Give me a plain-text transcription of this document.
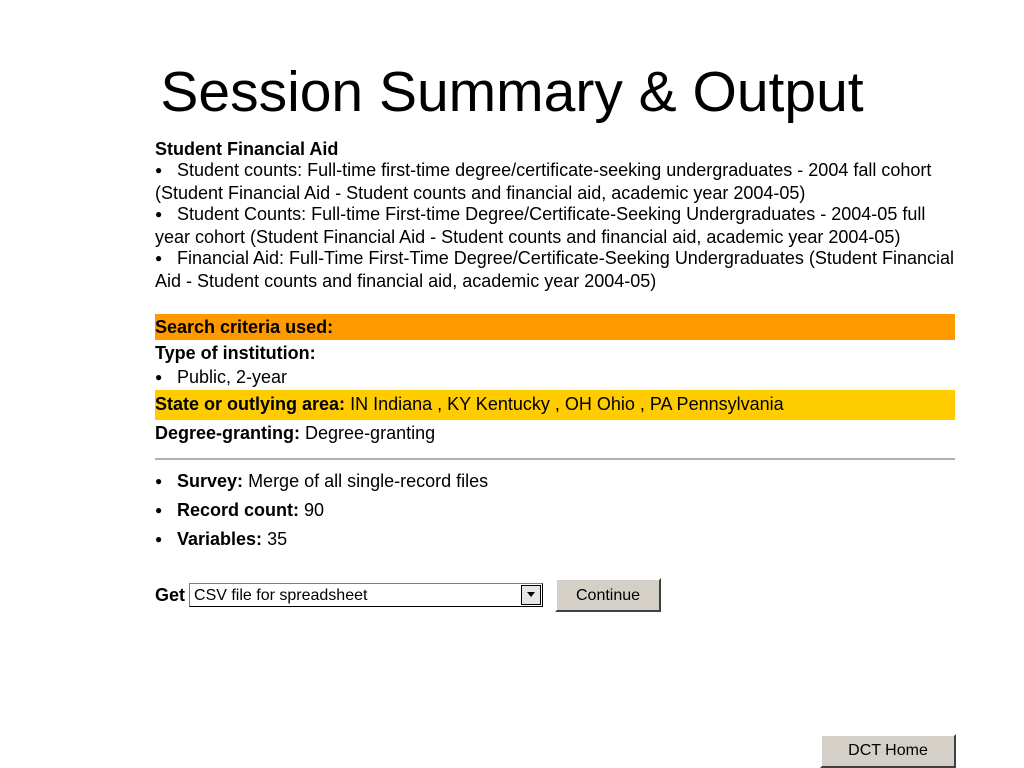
Session Summary & Output
Student Financial Aid
● Student counts: Full-time first-time degree/certificate-seeking undergraduates - 2004 fall cohort (Student Financial Aid - Student counts and financial aid, academic year 2004-05)
● Student Counts: Full-time First-time Degree/Certificate-Seeking Undergraduates - 2004-05 full year cohort (Student Financial Aid - Student counts and financial aid, academic year 2004-05)
● Financial Aid: Full-Time First-Time Degree/Certificate-Seeking Undergraduates (Student Financial Aid - Student counts and financial aid, academic year 2004-05)
Search criteria used:
Type of institution:
● Public, 2-year
State or outlying area: IN Indiana , KY Kentucky , OH Ohio , PA Pennsylvania
Degree-granting: Degree-granting
● Survey: Merge of all single-record files
● Record count: 90
● Variables: 35
Get CSV file for spreadsheet	Continue
DCT Home
